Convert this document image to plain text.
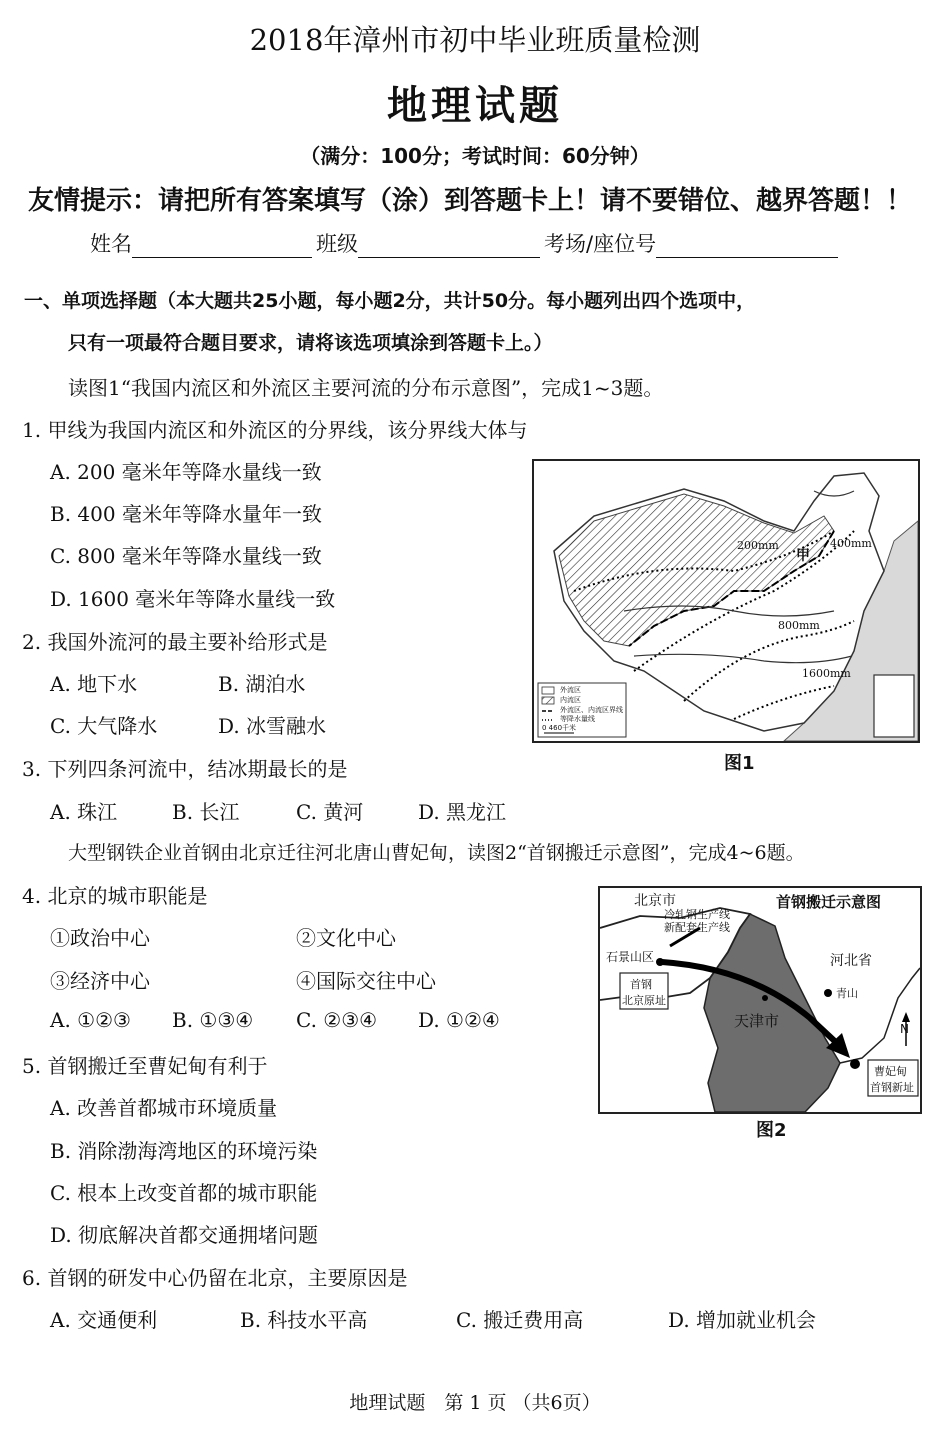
2018年漳州市初中毕业班质量检测
地理试题
（满分：100分；考试时间：60分钟）
友情提示：请把所有答案填写（涂）到答题卡上！请不要错位、越界答题！！
姓名	班级	考场/座位号
一、单项选择题（本大题共25小题，每小题2分，共计50分。每小题列出四个选项中，
只有一项最符合题目要求，请将该选项填涂到答题卡上。）
读图1“我国内流区和外流区主要河流的分布示意图”，完成1~3题。
1. 甲线为我国内流区和外流区的分界线，该分界线大体与
A. 200 毫米年等降水量线一致
B. 400 毫米年等降水量年一致
C. 800 毫米年等降水量线一致
D. 1600 毫米年等降水量线一致
2. 我国外流河的最主要补给形式是
A. 地下水	B. 湖泊水
C. 大气降水	D. 冰雪融水
3. 下列四条河流中，结冰期最长的是
A. 珠江	B. 长江	C. 黄河	D. 黑龙江
大型钢铁企业首钢由北京迁往河北唐山曹妃甸，读图2“首钢搬迁示意图”，完成4~6题。
4. 北京的城市职能是
①政治中心	②文化中心
③经济中心	④国际交往中心
A. ①②③ B. ①③④ C. ②③④ D. ①②④
5. 首钢搬迁至曹妃甸有利于
A. 改善首都城市环境质量
B. 消除渤海湾地区的环境污染
C. 根本上改变首都的城市职能
D. 彻底解决首都交通拥堵问题
6. 首钢的研发中心仍留在北京，主要原因是
A. 交通便利	B. 科技水平高	C. 搬迁费用高	D. 增加就业机会
外流区
内流区
外流区、内流区界线
等降水量线
0 460千米
200mm
甲
400mm
800mm
1600mm
图1
首钢搬迁示意图
北京市
冷轧钢生产线
新配套生产线
石景山区
首钢
北京原址
河北省
青山
天津市
曹妃甸
首钢新址
N
图2
地理试题　第 1 页 （共6页）
